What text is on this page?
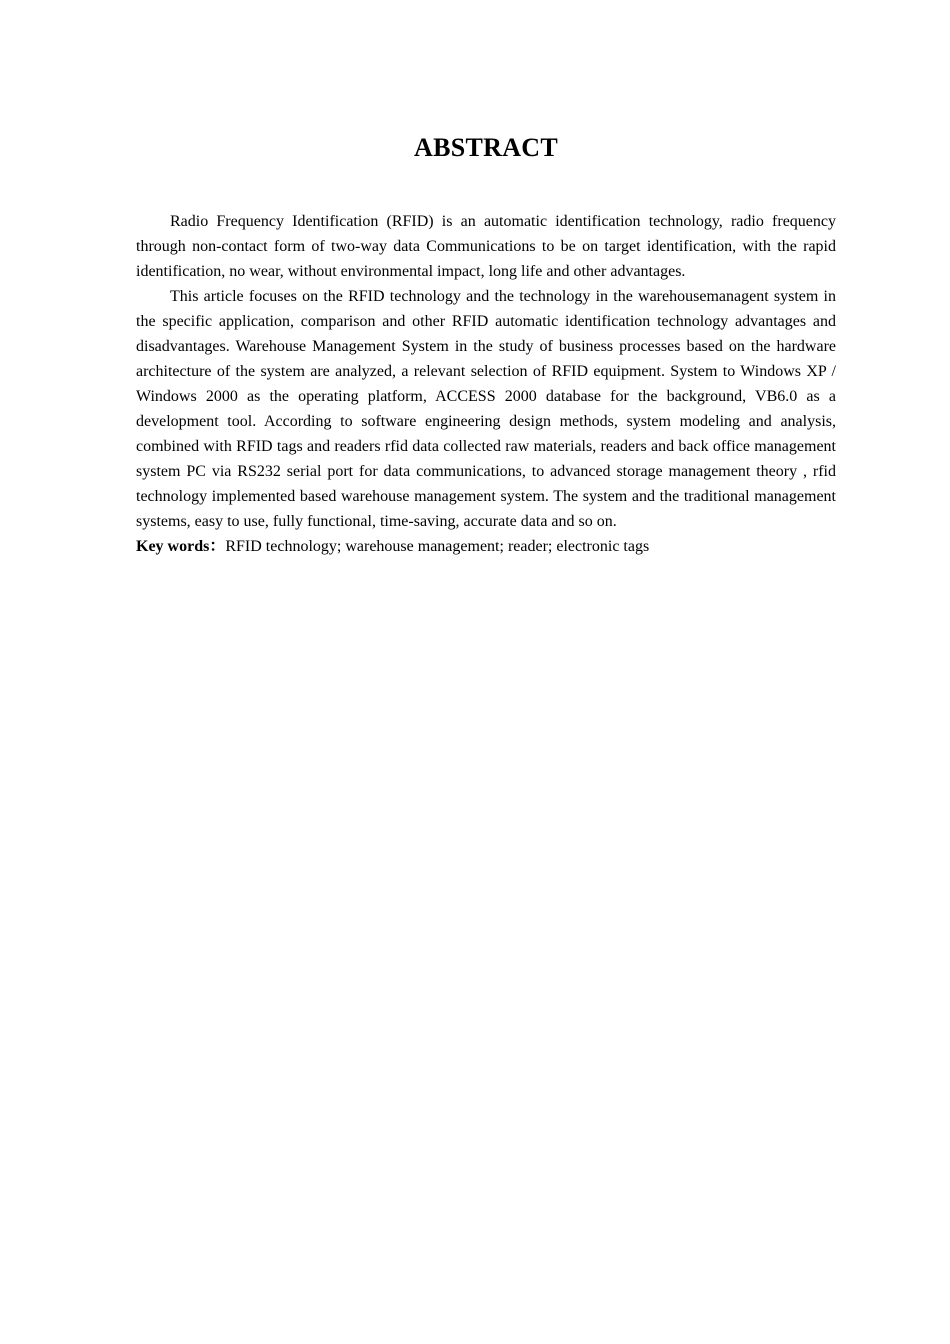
ABSTRACT

Radio Frequency Identification (RFID) is an automatic identification technology, radio frequency through non-contact form of two-way data Communications to be on target identification, with the rapid identification, no wear, without environmental impact, long life and other advantages.

This article focuses on the RFID technology and the technology in the warehousemanagent system in the specific application, comparison and other RFID automatic identification technology advantages and disadvantages. Warehouse Management System in the study of business processes based on the hardware architecture of the system are analyzed, a relevant selection of RFID equipment. System to Windows XP / Windows 2000 as the operating platform, ACCESS 2000 database for the background, VB6.0 as a development tool. According to software engineering design methods, system modeling and analysis, combined with RFID tags and readers rfid data collected raw materials, readers and back office management system PC via RS232 serial port for data communications, to advanced storage management theory , rfid technology implemented based warehouse management system. The system and the traditional management systems, easy to use, fully functional, time-saving, accurate data and so on.

Key words：RFID technology; warehouse management; reader; electronic tags
